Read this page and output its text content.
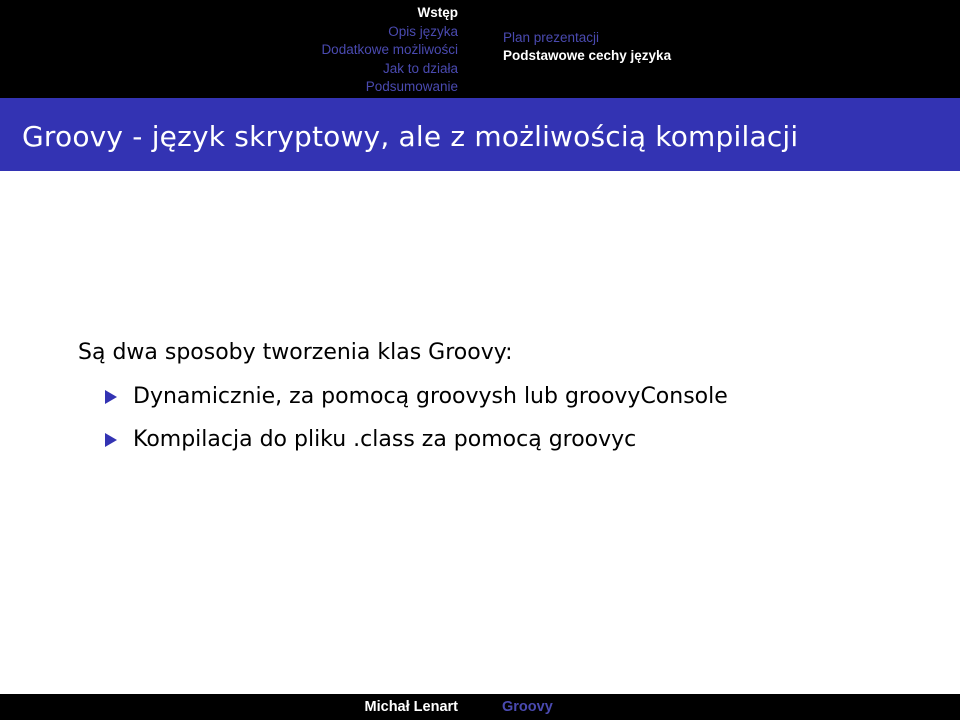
Wstęp
Opis języka
Dodatkowe możliwości
Jak to działa
Podsumowanie
Plan prezentacji
Podstawowe cechy języka
Groovy - język skryptowy, ale z możliwością kompilacji

Są dwa sposoby tworzenia klas Groovy:

Dynamicznie, za pomocą groovysh lub groovyConsole
Kompilacja do pliku .class za pomocą groovyc
Michał Lenart	Groovy
